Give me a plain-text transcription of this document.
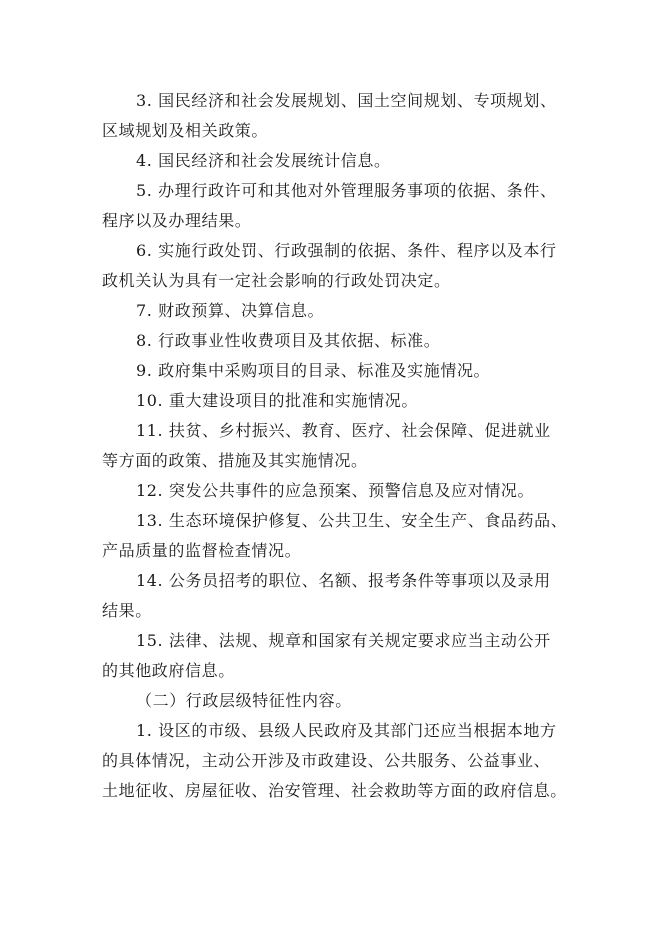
3. 国民经济和社会发展规划、国土空间规划、专项规划、
区域规划及相关政策。
4. 国民经济和社会发展统计信息。
5. 办理行政许可和其他对外管理服务事项的依据、条件、
程序以及办理结果。
6. 实施行政处罚、行政强制的依据、条件、程序以及本行
政机关认为具有一定社会影响的行政处罚决定。
7. 财政预算、决算信息。
8. 行政事业性收费项目及其依据、标准。
9. 政府集中采购项目的目录、标准及实施情况。
10. 重大建设项目的批准和实施情况。
11. 扶贫、乡村振兴、教育、医疗、社会保障、促进就业
等方面的政策、措施及其实施情况。
12. 突发公共事件的应急预案、预警信息及应对情况。
13. 生态环境保护修复、公共卫生、安全生产、食品药品、
产品质量的监督检查情况。
14. 公务员招考的职位、名额、报考条件等事项以及录用
结果。
15. 法律、法规、规章和国家有关规定要求应当主动公开
的其他政府信息。
（二）行政层级特征性内容。
1. 设区的市级、县级人民政府及其部门还应当根据本地方
的具体情况，主动公开涉及市政建设、公共服务、公益事业、
土地征收、房屋征收、治安管理、社会救助等方面的政府信息。
